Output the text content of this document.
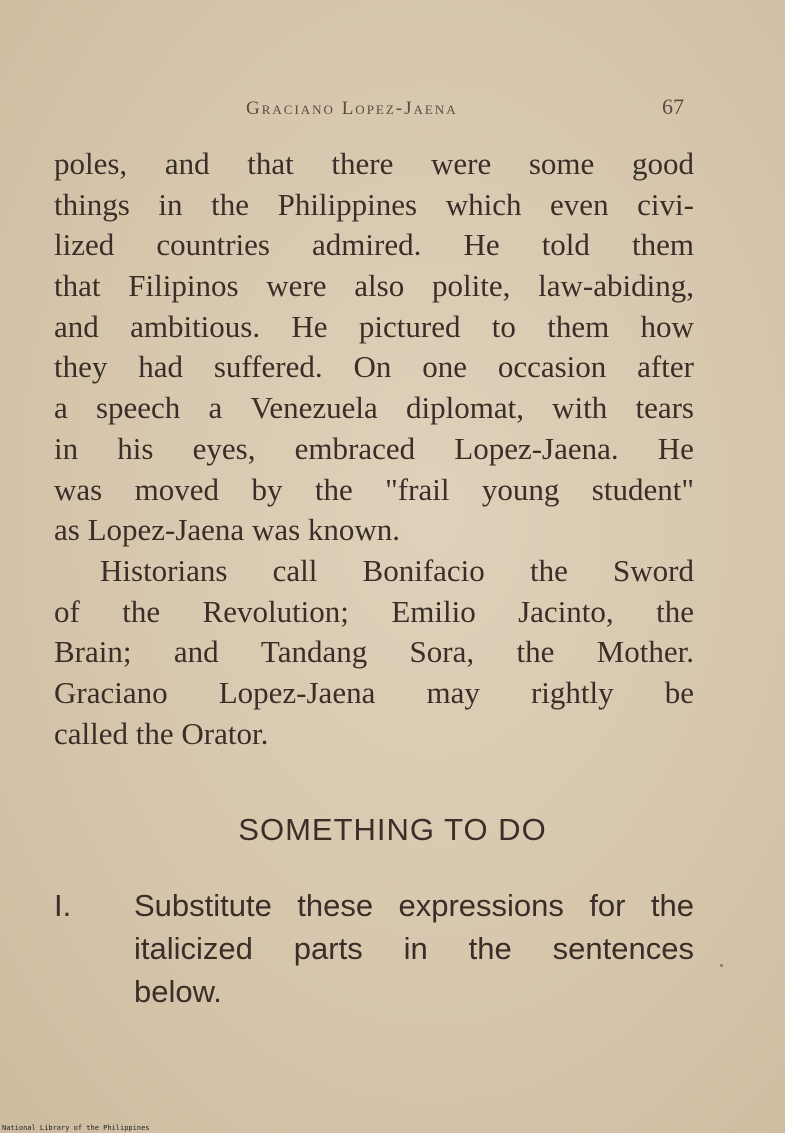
Graciano Lopez-Jaena	67
poles, and that there were some good
things in the Philippines which even civi-
lized countries admired. He told them
that Filipinos were also polite, law-abiding,
and ambitious. He pictured to them how
they had suffered. On one occasion after
a speech a Venezuela diplomat, with tears
in his eyes, embraced Lopez-Jaena. He
was moved by the "frail young student"
as Lopez-Jaena was known.
Historians call Bonifacio the Sword
of the Revolution; Emilio Jacinto, the
Brain; and Tandang Sora, the Mother.
Graciano Lopez-Jaena may rightly be
called the Orator.
SOMETHING TO DO
I. Substitute these expressions for the
italicized parts in the sentences
below.
National Library of the Philippines
